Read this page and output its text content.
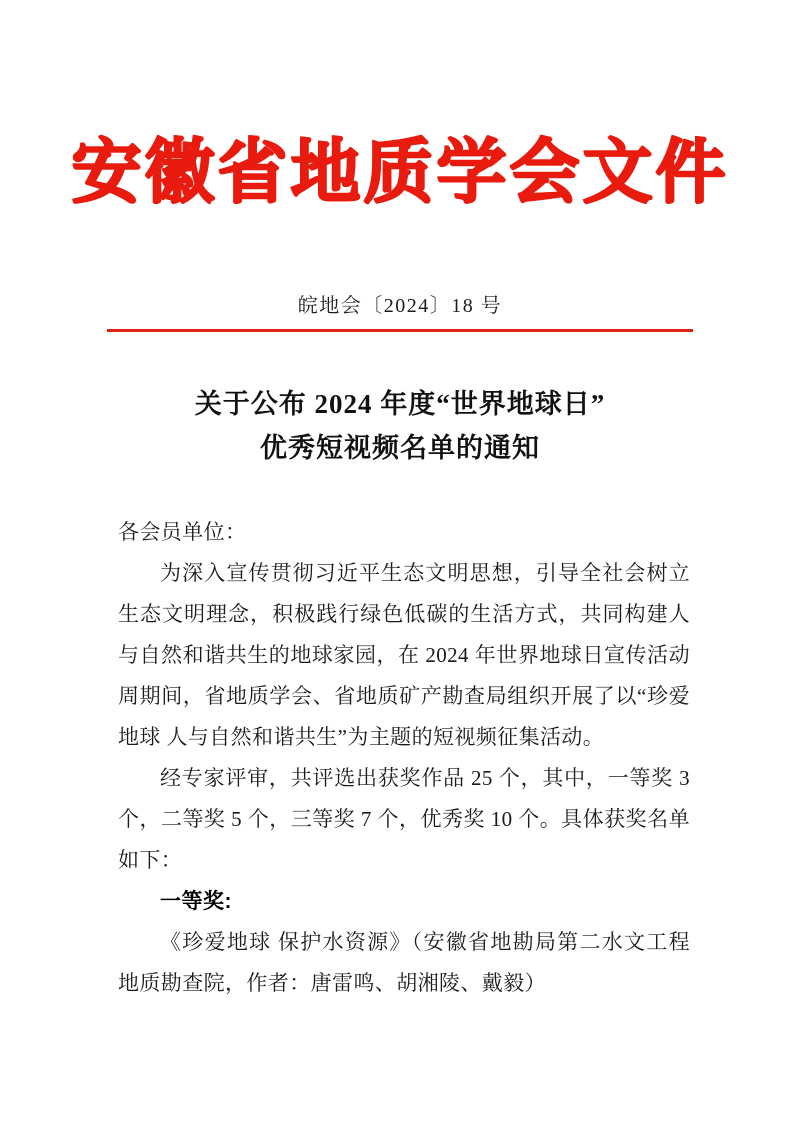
安徽省地质学会文件
皖地会〔2024〕18 号
关于公布 2024 年度“世界地球日”
优秀短视频名单的通知

各会员单位：

为深入宣传贯彻习近平生态文明思想，引导全社会树立生态文明理念，积极践行绿色低碳的生活方式，共同构建人与自然和谐共生的地球家园，在 2024 年世界地球日宣传活动周期间，省地质学会、省地质矿产勘查局组织开展了以“珍爱地球 人与自然和谐共生”为主题的短视频征集活动。

经专家评审，共评选出获奖作品 25 个，其中，一等奖 3 个，二等奖 5 个，三等奖 7 个，优秀奖 10 个。具体获奖名单如下：

一等奖:

《珍爱地球 保护水资源》（安徽省地勘局第二水文工程地质勘查院，作者：唐雷鸣、胡湘陵、戴毅）
